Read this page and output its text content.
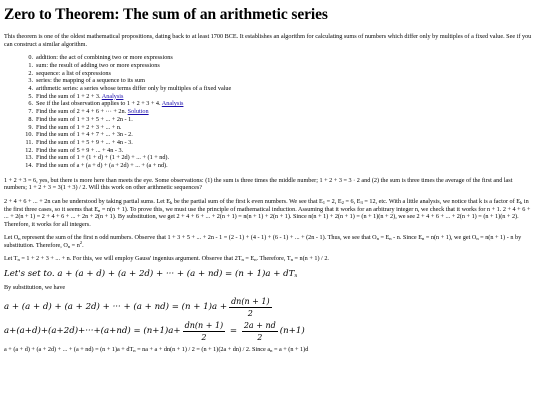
Zero to Theorem: The sum of an arithmetic series

This theorem is one of the oldest mathematical propositions, dating back to at least 1700 BCE. It establishes an algorithm for calculating sums of numbers which differ only by multiples of a fixed value. See if you can construct a similar algorithm.

0. addition: the act of combining two or more expressions
1. sum: the result of adding two or more expressions
2. sequence: a list of expressions
3. series: the mapping of a sequence to its sum
4. arithmetic series: a series whose terms differ only by multiples of a fixed value
5. Find the sum of 1 + 2 + 3. Analysis
6. See if the last observation applies to 1 + 2 + 3 + 4. Analysis
7. Find the sum of 2 + 4 + 6 + ··· + 2n. Solution
8. Find the sum of 1 + 3 + 5 + ... + 2n - 1.
9. Find the sum of 1 + 2 + 3 + ... + n.
10. Find the sum of 1 + 4 + 7 + ... + 3n - 2.
11. Find the sum of 1 + 5 + 9 + ... + 4n - 3.
12. Find the sum of 5 + 9 + ... + 4n - 3.
13. Find the sum of 1 + (1 + d) + (1 + 2d) + ... + (1 + nd).
14. Find the sum of a + (a + d) + (a + 2d) + ... + (a + nd).

1 + 2 + 3 = 6, yes, but there is more here than meets the eye. Some observations: (1) the sum is three times the middle number; 1 + 2 + 3 = 3 · 2 and (2) the sum is three times the average of the first and last numbers; 1 + 2 + 3 = 3(1 + 3) / 2. Will this work on other arithmetic sequences?

2 + 4 + 6 + ... + 2n can be understood by taking partial sums. Let $E_k$ be the partial sum of the first k even numbers. We see that $E_1 = 2$, $E_2 = 6$, $E_3 = 12$, etc. With a little analysis, we notice that k is a factor of $E_k$ in the first three cases, so it seems that $E_n = n(n + 1)$. To prove this, we must use the principle of mathematical induction. Assuming that it works for an arbitrary integer n, we check that it works for n + 1. 2 + 4 + 6 + ... + 2(n + 1) = 2 + 4 + 6 + ... + 2n + 2(n + 1). By substitution, we get 2 + 4 + 6 + ... + 2(n + 1) = n(n + 1) + 2(n + 1). Since n(n + 1) + 2(n + 1) = (n + 1)(n + 2), we see 2 + 4 + 6 + ... + 2(n + 1) = (n + 1)(n + 2). Therefore, it works for all integers.

Let $O_n$ represent the sum of the first n odd numbers. Observe that 1 + 3 + 5 + ... + 2n - 1 = (2 - 1) + (4 - 1) + (6 - 1) + ... + (2n - 1). Thus, we see that $O_n = E_n - n$. Since $E_n = n(n + 1)$, we get $O_n = n(n + 1) - n$ by substitution. Therefore, $O_n = n^2$.

Let $T_n = 1 + 2 + 3$ + ... + n. For this, we will employ Gauss' ingenius argument. Observe that $2T_n = E_n$. Therefore, $T_n = n(n + 1) / 2$.

Let's set to. a + (a + d) + (a + 2d) + ··· + $(a + nd) = (n + 1)a + dT_n$

By substitution, we have

a + (a + d) + (a + 2d) + ··· + $(a + nd) = (n + 1)a + \frac{dn(n + 1)}{2}$
$a+(a+d)+(a+2d)+\cdot\cdot\cdot+(a+nd) = (n+1)a+ \frac{dn(n + 1)}{2} = \frac{2a + nd}{2} (n+1)$

a + (a + d) + (a + 2d) + ... + $(a + nd) = (n + 1)a + dT_n$ = na + a + dn(n + 1) / 2 = (n + 1)(2a + dn) / 2. Since $a_n = a + (n + 1)d$
